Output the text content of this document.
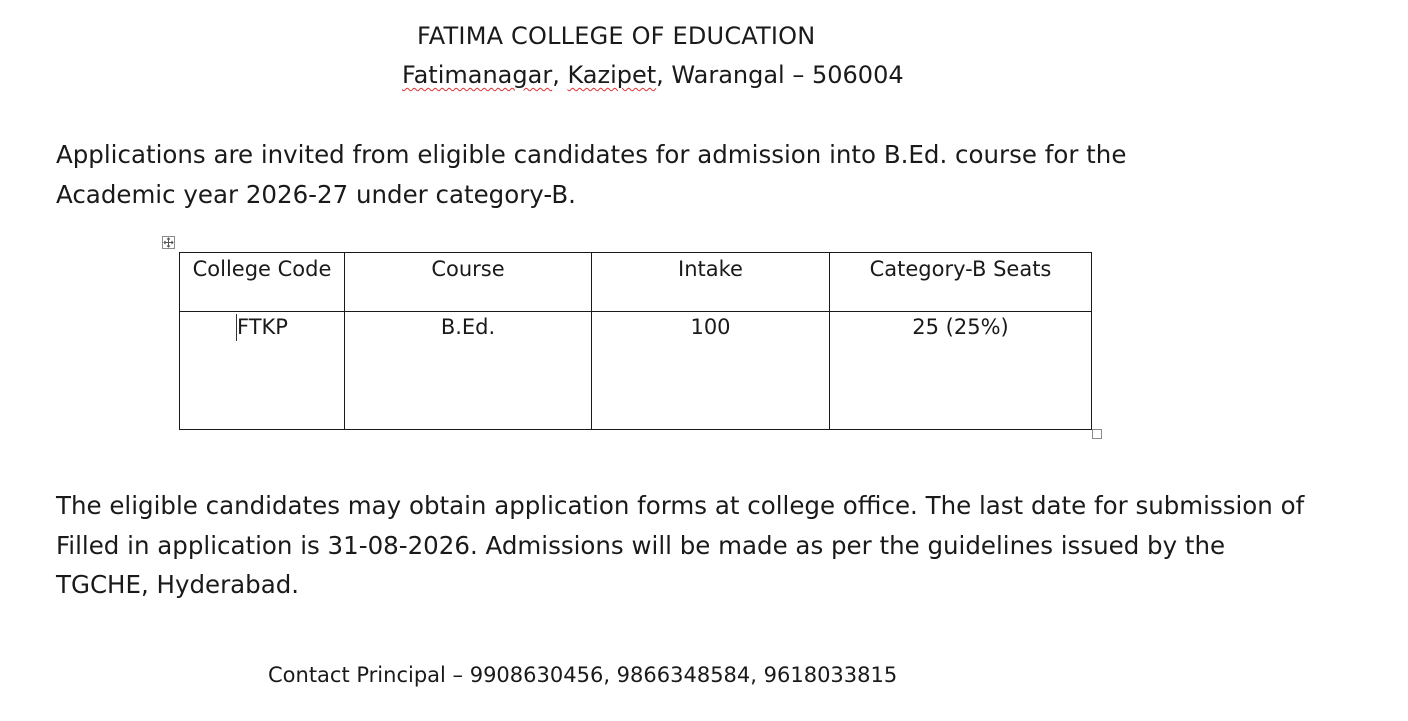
FATIMA COLLEGE OF EDUCATION
Fatimanagar, Kazipet, Warangal – 506004
Applications are invited from eligible candidates for admission into B.Ed. course for the
Academic year 2026-27 under category-B.
College Code	Course	Intake	Category-B Seats
FTKP	B.Ed.	100	25 (25%)
The eligible candidates may obtain application forms at college office. The last date for submission of
Filled in application is 31-08-2026. Admissions will be made as per the guidelines issued by the
TGCHE, Hyderabad.
Contact Principal – 9908630456, 9866348584, 9618033815
